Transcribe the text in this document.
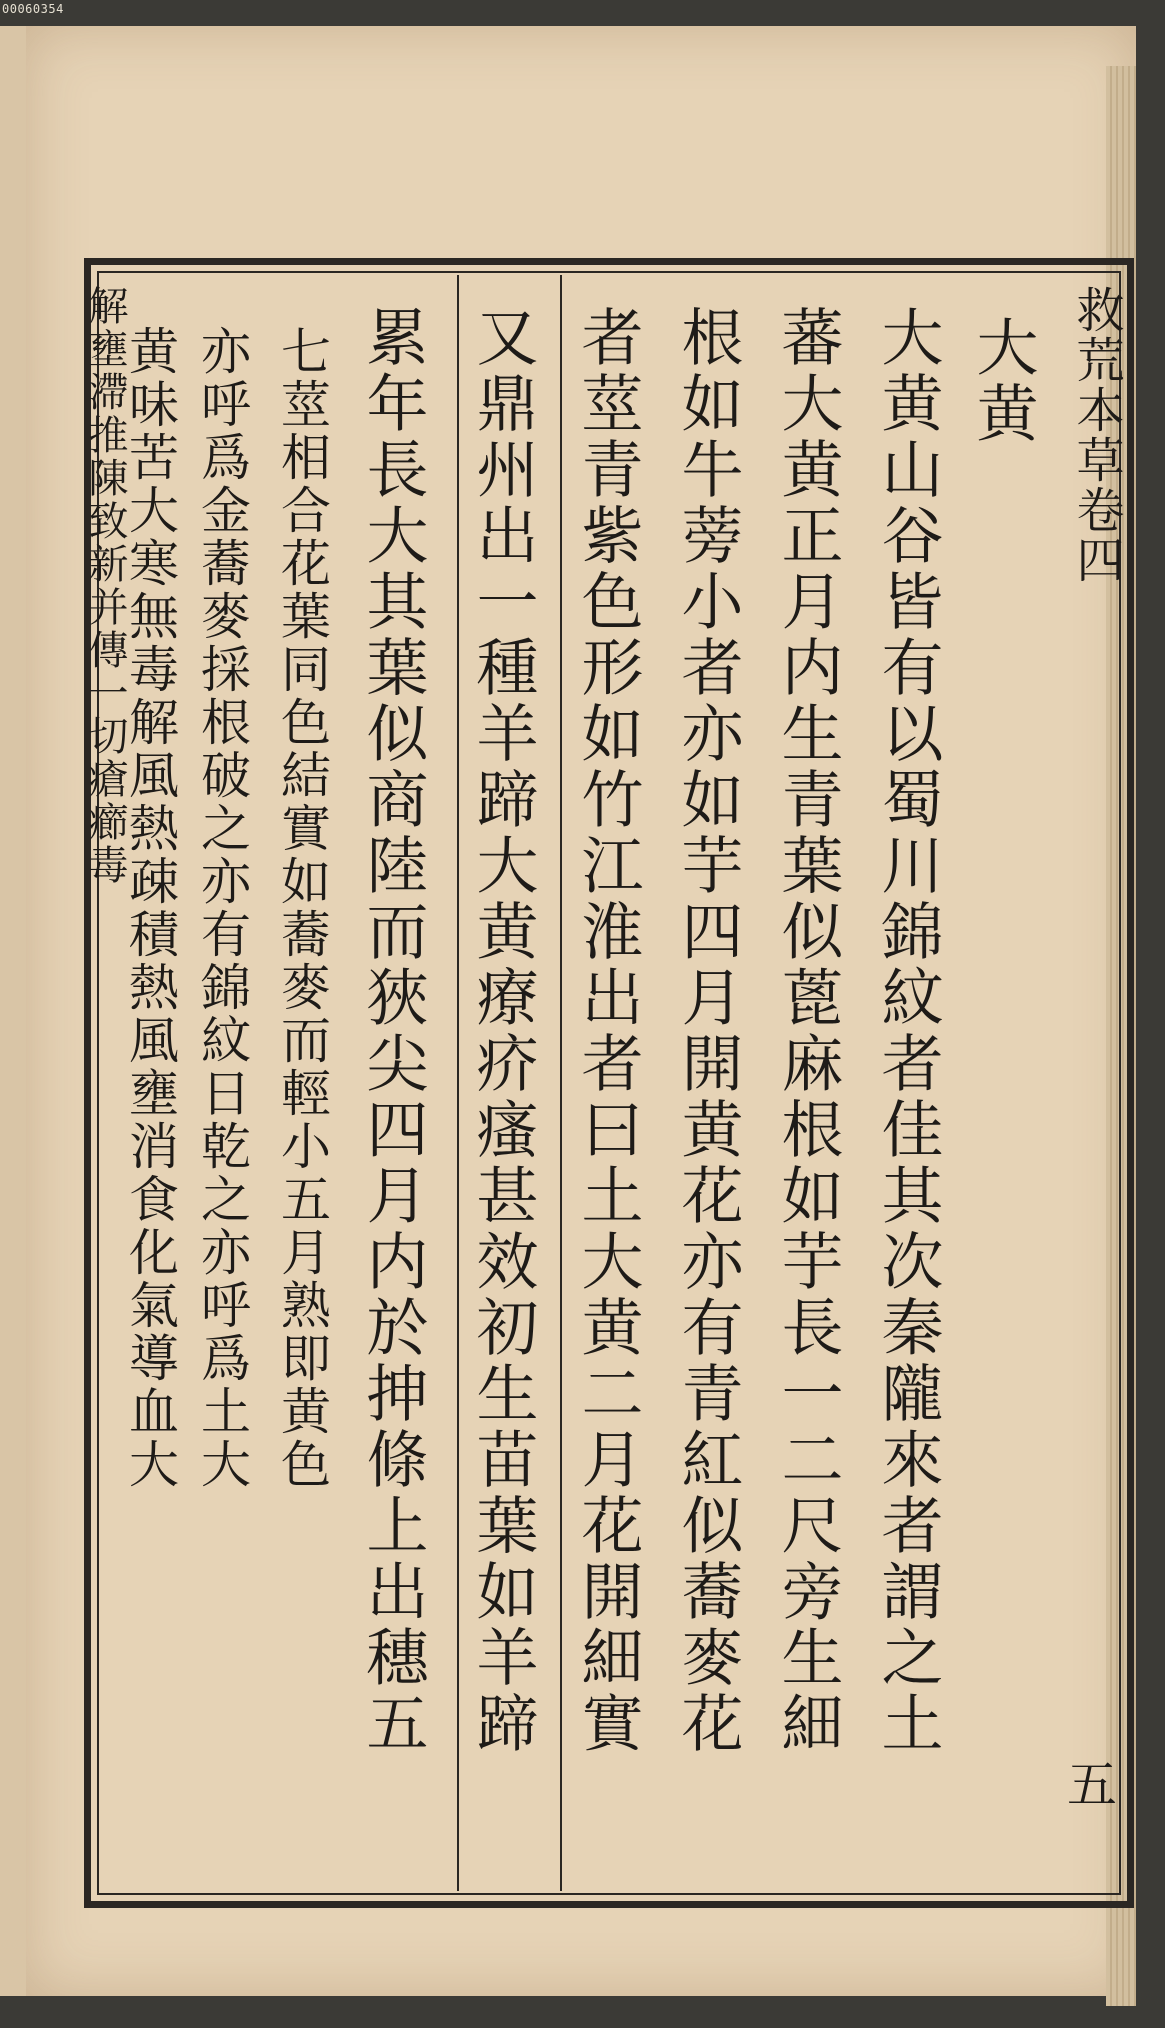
00060354
救荒本草卷四
大黄
大黄山谷皆有以蜀川錦紋者佳其次秦隴來者謂之土
蕃大黄正月内生青葉似蓖麻根如芋長一二尺旁生細
根如牛蒡小者亦如芋四月開黄花亦有青紅似蕎麥花
者莖青紫色形如竹江淮出者曰土大黄二月花開細實
又鼎州出一種羊蹄大黄療疥瘙甚效初生苗葉如羊蹄
累年長大其葉似商陸而狹尖四月内於抻條上出穗五
七莖相合花葉同色結實如蕎麥而輕小五月熟即黄色
亦呼爲金蕎麥採根破之亦有錦紋日乾之亦呼爲土大
黄味苦大寒無毒解風熱疎積熱風壅消食化氣導血大
解壅滯推陳致新并傳一切瘡癤毒
五
